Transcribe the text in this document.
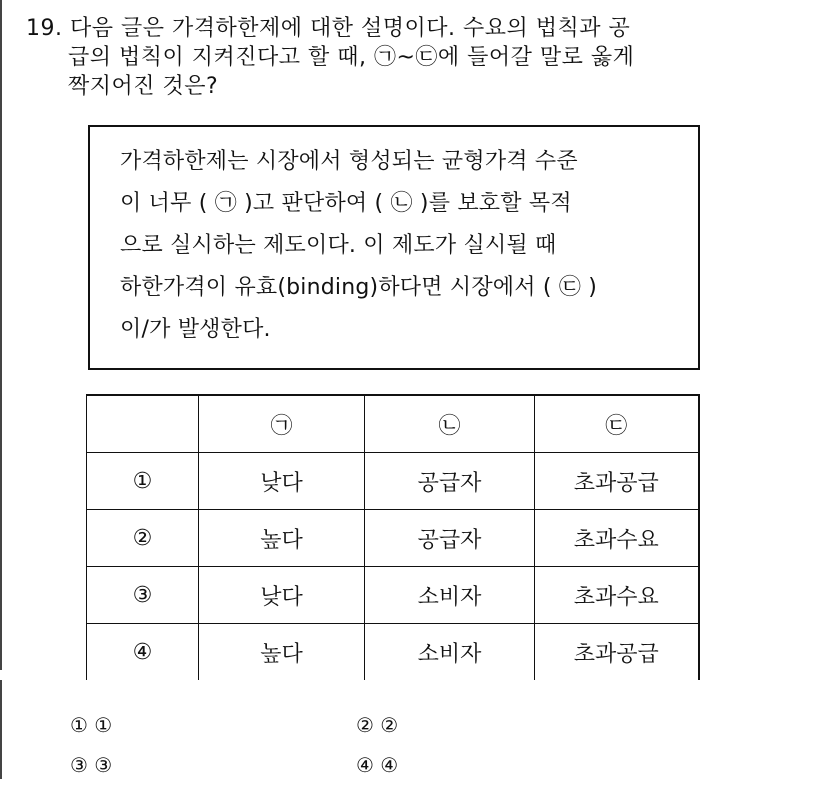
19. 다음 글은 가격하한제에 대한 설명이다. 수요의 법칙과 공
급의 법칙이 지켜진다고 할 때, ㉠~㉢에 들어갈 말로 옳게
짝지어진 것은?
가격하한제는 시장에서 형성되는 균형가격 수준
이 너무 ( ㉠ )고 판단하여 ( ㉡ )를 보호할 목적
으로 실시하는 제도이다. 이 제도가 실시될 때
하한가격이 유효(binding)하다면 시장에서 ( ㉢ )
이/가 발생한다.
	㉠	㉡	㉢
①	낮다	공급자	초과공급
②	높다	공급자	초과수요
③	낮다	소비자	초과수요
④	높다	소비자	초과공급
① ①	② ②
③ ③	④ ④
